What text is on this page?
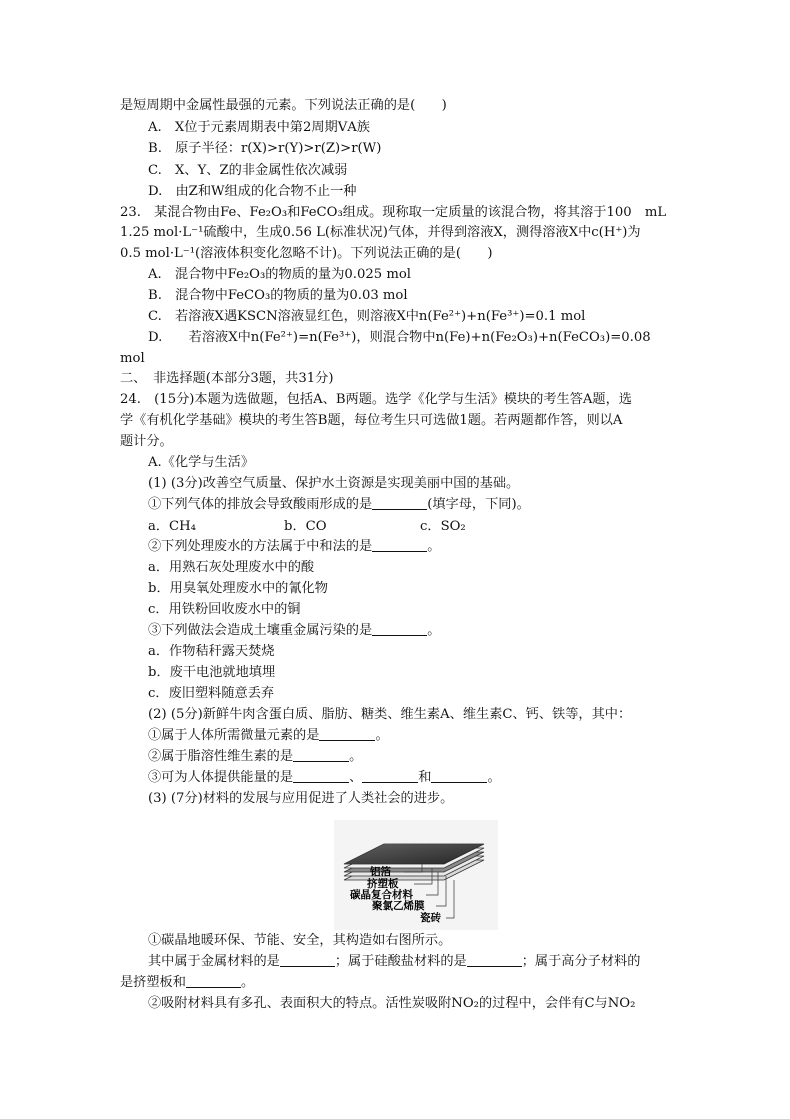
是短周期中金属性最强的元素。下列说法正确的是(　　)
A.　X位于元素周期表中第2周期ⅤA族
B.　原子半径：r(X)>r(Y)>r(Z)>r(W)
C.　X、Y、Z的非金属性依次减弱
D.　由Z和W组成的化合物不止一种
23.　某混合物由Fe、Fe₂O₃和FeCO₃组成。现称取一定质量的该混合物，将其溶于100　mL
1.25 mol·L⁻¹硫酸中，生成0.56 L(标准状况)气体，并得到溶液X，测得溶液X中c(H⁺)为
0.5 mol·L⁻¹(溶液体积变化忽略不计)。下列说法正确的是(　　)
A.　混合物中Fe₂O₃的物质的量为0.025 mol
B.　混合物中FeCO₃的物质的量为0.03 mol
C.　若溶液X遇KSCN溶液显红色，则溶液X中n(Fe²⁺)+n(Fe³⁺)=0.1 mol
D.　　若溶液X中n(Fe²⁺)=n(Fe³⁺)，则混合物中n(Fe)+n(Fe₂O₃)+n(FeCO₃)=0.08
mol
二、　非选择题(本部分3题，共31分)
24.　(15分)本题为选做题，包括A、B两题。选学《化学与生活》模块的考生答A题，选
学《有机化学基础》模块的考生答B题，每位考生只可选做1题。若两题都作答，则以A
题计分。
A.《化学与生活》
(1) (3分)改善空气质量、保护水土资源是实现美丽中国的基础。
①下列气体的排放会导致酸雨形成的是	(填字母，下同)。
a．CH₄	b．CO	c．SO₂
②下列处理废水的方法属于中和法的是	。
a．用熟石灰处理废水中的酸
b．用臭氧处理废水中的氰化物
c．用铁粉回收废水中的铜
③下列做法会造成土壤重金属污染的是	。
a．作物秸秆露天焚烧
b．废干电池就地填埋
c．废旧塑料随意丢弃
(2) (5分)新鲜牛肉含蛋白质、脂肪、糖类、维生素A、维生素C、钙、铁等，其中：
①属于人体所需微量元素的是	。
②属于脂溶性维生素的是	。
③可为人体提供能量的是	、	和	。
(3) (7分)材料的发展与应用促进了人类社会的进步。
铝箔
挤塑板
碳晶复合材料
聚氯乙烯膜
瓷砖
①碳晶地暖环保、节能、安全，其构造如右图所示。
其中属于金属材料的是	；属于硅酸盐材料的是	；属于高分子材料的
是挤塑板和	。
②吸附材料具有多孔、表面积大的特点。活性炭吸附NO₂的过程中，会伴有C与NO₂
